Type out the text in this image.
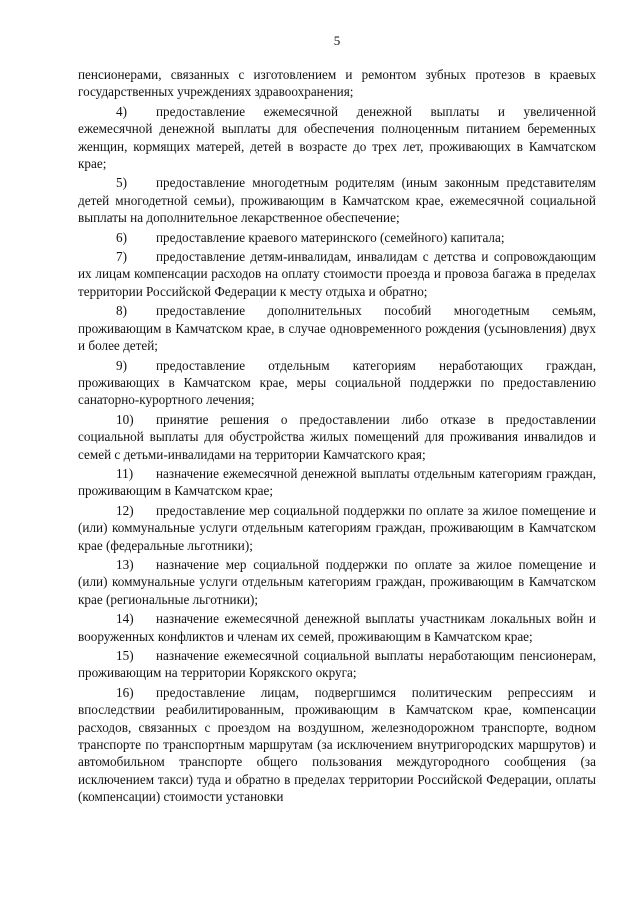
5

пенсионерами, связанных с изготовлением и ремонтом зубных протезов в краевых государственных учреждениях здравоохранения;

4) предоставление ежемесячной денежной выплаты и увеличенной ежемесячной денежной выплаты для обеспечения полноценным питанием беременных женщин, кормящих матерей, детей в возрасте до трех лет, проживающих в Камчатском крае;

5) предоставление многодетным родителям (иным законным представителям детей многодетной семьи), проживающим в Камчатском крае, ежемесячной социальной выплаты на дополнительное лекарственное обеспечение;

6) предоставление краевого материнского (семейного) капитала;

7) предоставление детям-инвалидам, инвалидам с детства и сопровождающим их лицам компенсации расходов на оплату стоимости проезда и провоза багажа в пределах территории Российской Федерации к месту отдыха и обратно;

8) предоставление дополнительных пособий многодетным семьям, проживающим в Камчатском крае, в случае одновременного рождения (усыновления) двух и более детей;

9) предоставление отдельным категориям неработающих граждан, проживающих в Камчатском крае, меры социальной поддержки по предоставлению санаторно-курортного лечения;

10) принятие решения о предоставлении либо отказе в предоставлении социальной выплаты для обустройства жилых помещений для проживания инвалидов и семей с детьми-инвалидами на территории Камчатского края;

11) назначение ежемесячной денежной выплаты отдельным категориям граждан, проживающим в Камчатском крае;

12) предоставление мер социальной поддержки по оплате за жилое помещение и (или) коммунальные услуги отдельным категориям граждан, проживающим в Камчатском крае (федеральные льготники);

13) назначение мер социальной поддержки по оплате за жилое помещение и (или) коммунальные услуги отдельным категориям граждан, проживающим в Камчатском крае (региональные льготники);

14) назначение ежемесячной денежной выплаты участникам локальных войн и вооруженных конфликтов и членам их семей, проживающим в Камчатском крае;

15) назначение ежемесячной социальной выплаты неработающим пенсионерам, проживающим на территории Корякского округа;

16) предоставление лицам, подвергшимся политическим репрессиям и впоследствии реабилитированным, проживающим в Камчатском крае, компенсации расходов, связанных с проездом на воздушном, железнодорожном транспорте, водном транспорте по транспортным маршрутам (за исключением внутригородских маршрутов) и автомобильном транспорте общего пользования междугородного сообщения (за исключением такси) туда и обратно в пределах территории Российской Федерации, оплаты (компенсации) стоимости установки
